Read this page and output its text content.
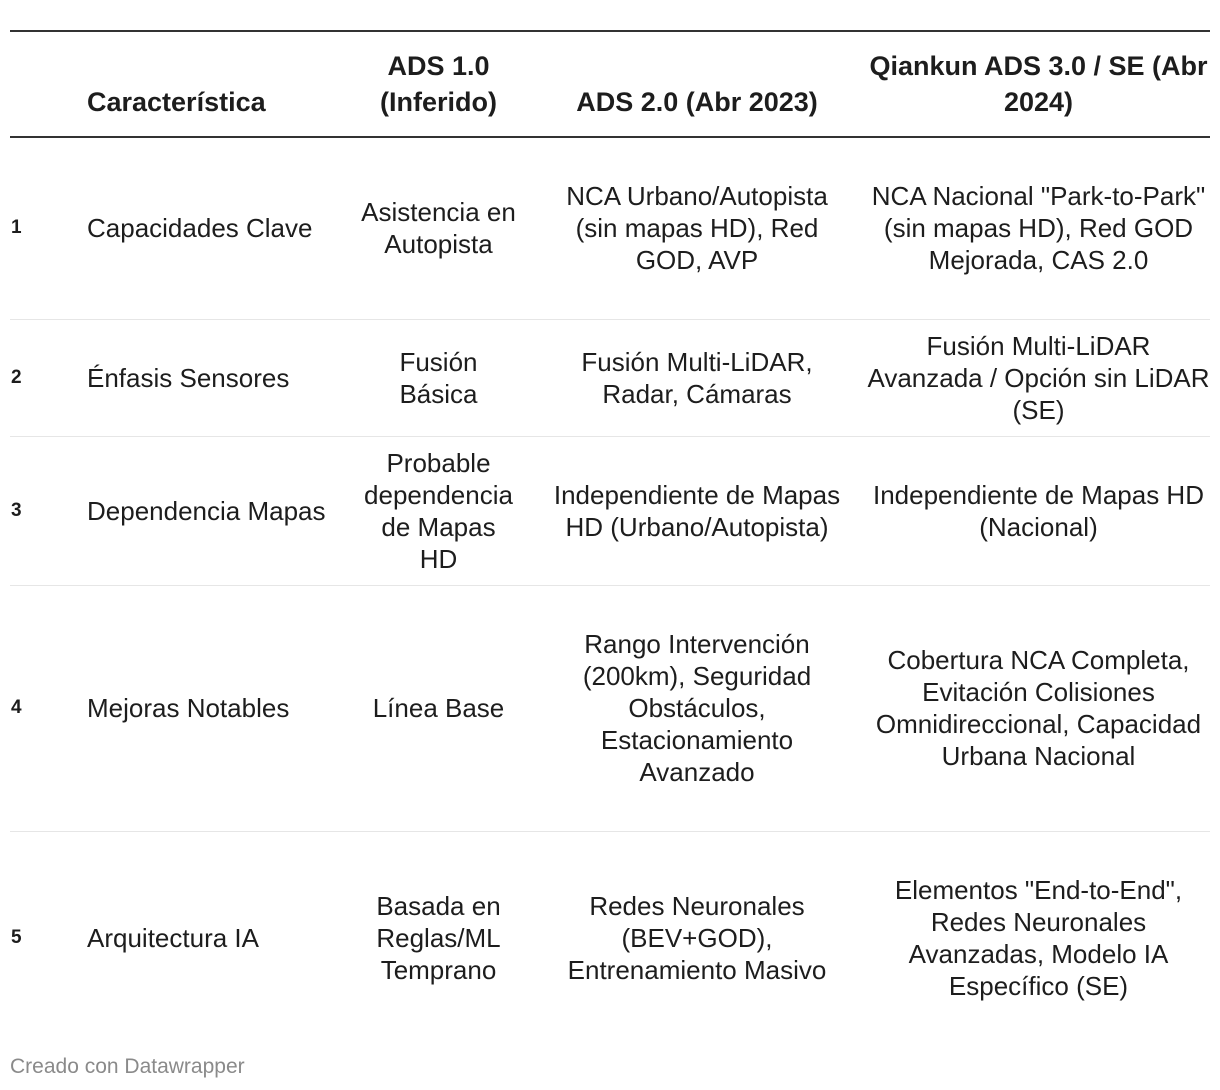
	Característica	ADS 1.0 (Inferido)	ADS 2.0 (Abr 2023)	Qiankun ADS 3.0 / SE (Abr 2024)
1	Capacidades Clave	Asistencia en Autopista	NCA Urbano/Autopista (sin mapas HD), Red GOD, AVP	NCA Nacional "Park-to-Park" (sin mapas HD), Red GOD Mejorada, CAS 2.0
2	Énfasis Sensores	Fusión Básica	Fusión Multi-LiDAR, Radar, Cámaras	Fusión Multi-LiDAR Avanzada / Opción sin LiDAR (SE)
3	Dependencia Mapas	Probable dependencia de Mapas HD	Independiente de Mapas HD (Urbano/Autopista)	Independiente de Mapas HD (Nacional)
4	Mejoras Notables	Línea Base	Rango Intervención (200km), Seguridad Obstáculos, Estacionamiento Avanzado	Cobertura NCA Completa, Evitación Colisiones Omnidireccional, Capacidad Urbana Nacional
5	Arquitectura IA	Basada en Reglas/ML Temprano	Redes Neuronales (BEV+GOD), Entrenamiento Masivo	Elementos "End-to-End", Redes Neuronales Avanzadas, Modelo IA Específico (SE)
Creado con Datawrapper
